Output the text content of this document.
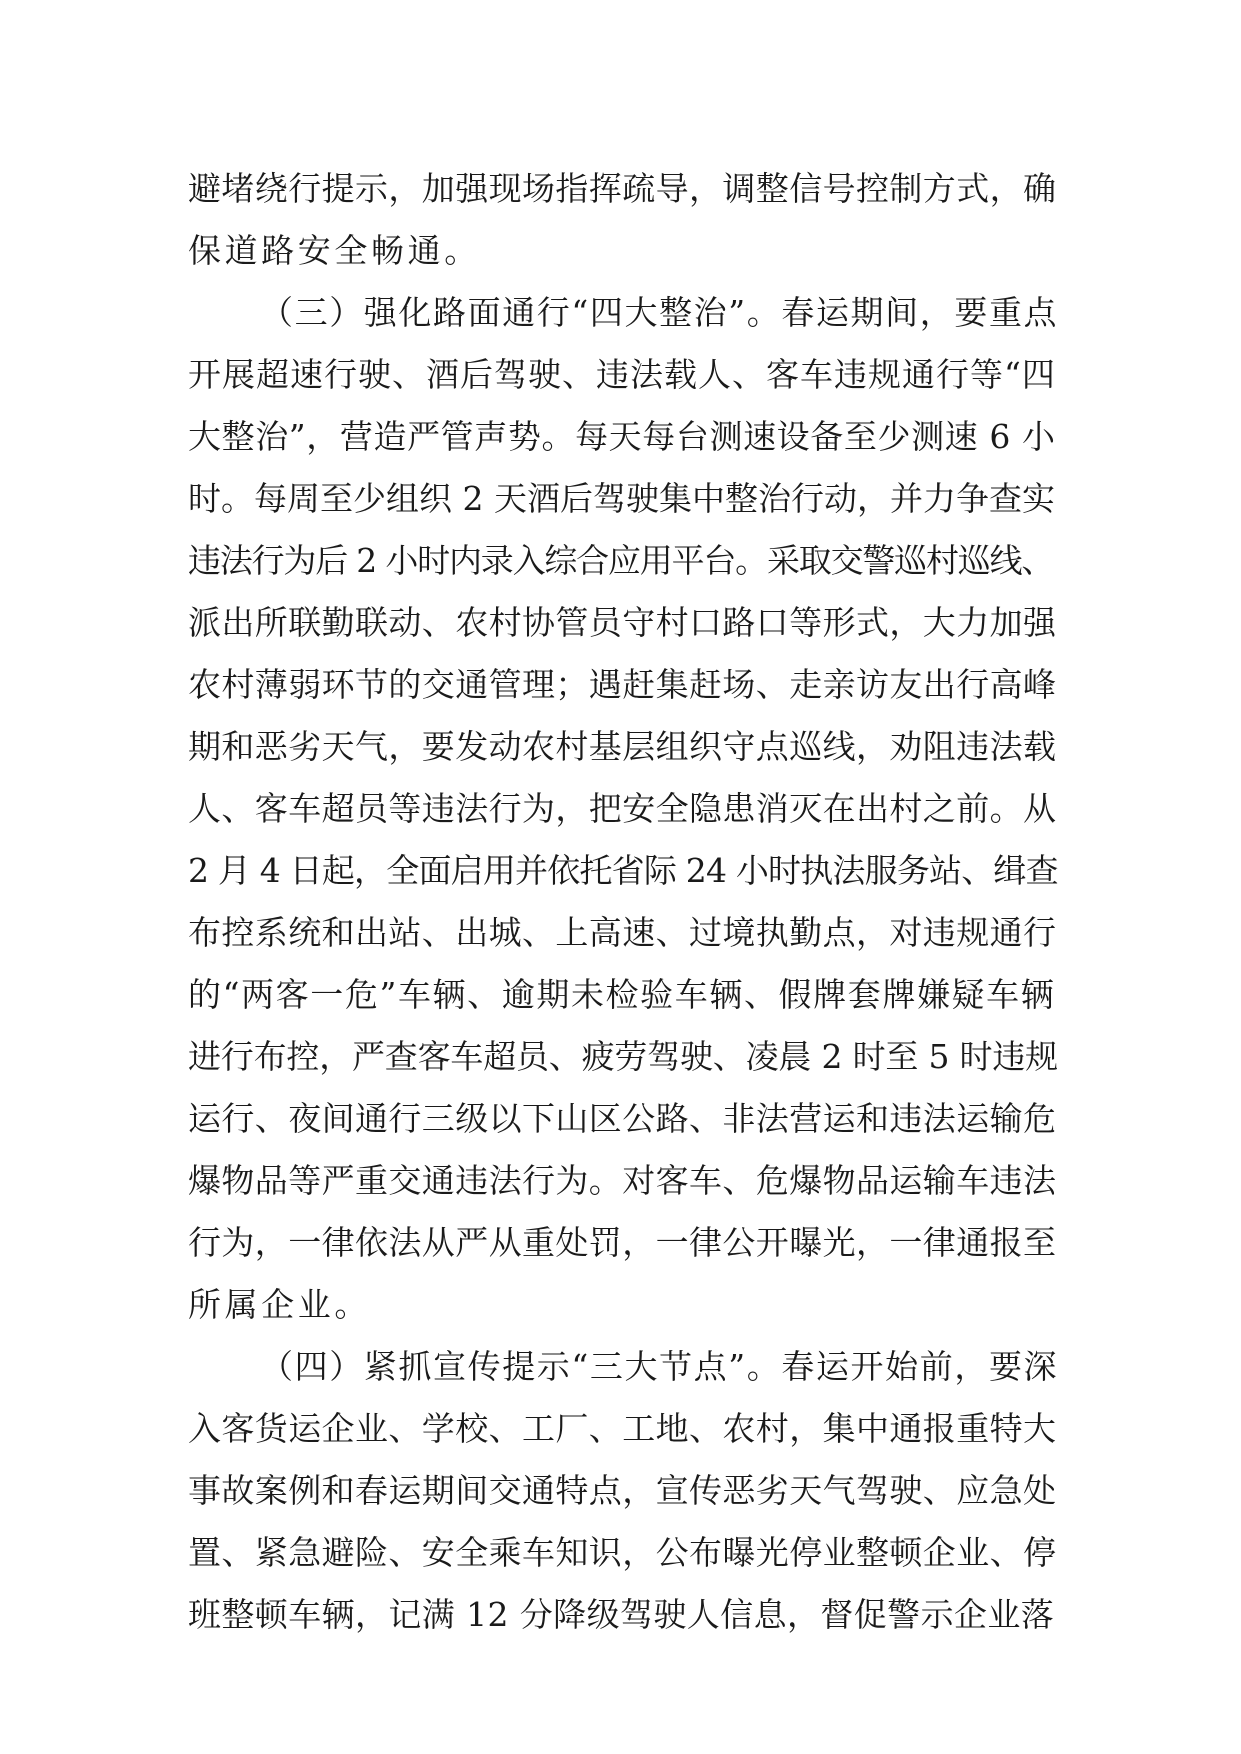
避堵绕行提示，加强现场指挥疏导，调整信号控制方式，确
保道路安全畅通。
（三）强化路面通行“四大整治”。春运期间，要重点
开展超速行驶、酒后驾驶、违法载人、客车违规通行等“四
大整治”，营造严管声势。每天每台测速设备至少测速 6 小
时。每周至少组织 2 天酒后驾驶集中整治行动，并力争查实
违法行为后 2 小时内录入综合应用平台。采取交警巡村巡线、
派出所联勤联动、农村协管员守村口路口等形式，大力加强
农村薄弱环节的交通管理；遇赶集赶场、走亲访友出行高峰
期和恶劣天气，要发动农村基层组织守点巡线，劝阻违法载
人、客车超员等违法行为，把安全隐患消灭在出村之前。从
2 月 4 日起，全面启用并依托省际 24 小时执法服务站、缉查
布控系统和出站、出城、上高速、过境执勤点，对违规通行
的“两客一危”车辆、逾期未检验车辆、假牌套牌嫌疑车辆
进行布控，严查客车超员、疲劳驾驶、凌晨 2 时至 5 时违规
运行、夜间通行三级以下山区公路、非法营运和违法运输危
爆物品等严重交通违法行为。对客车、危爆物品运输车违法
行为，一律依法从严从重处罚，一律公开曝光，一律通报至
所属企业。
（四）紧抓宣传提示“三大节点”。春运开始前，要深
入客货运企业、学校、工厂、工地、农村，集中通报重特大
事故案例和春运期间交通特点，宣传恶劣天气驾驶、应急处
置、紧急避险、安全乘车知识，公布曝光停业整顿企业、停
班整顿车辆，记满 12 分降级驾驶人信息，督促警示企业落
